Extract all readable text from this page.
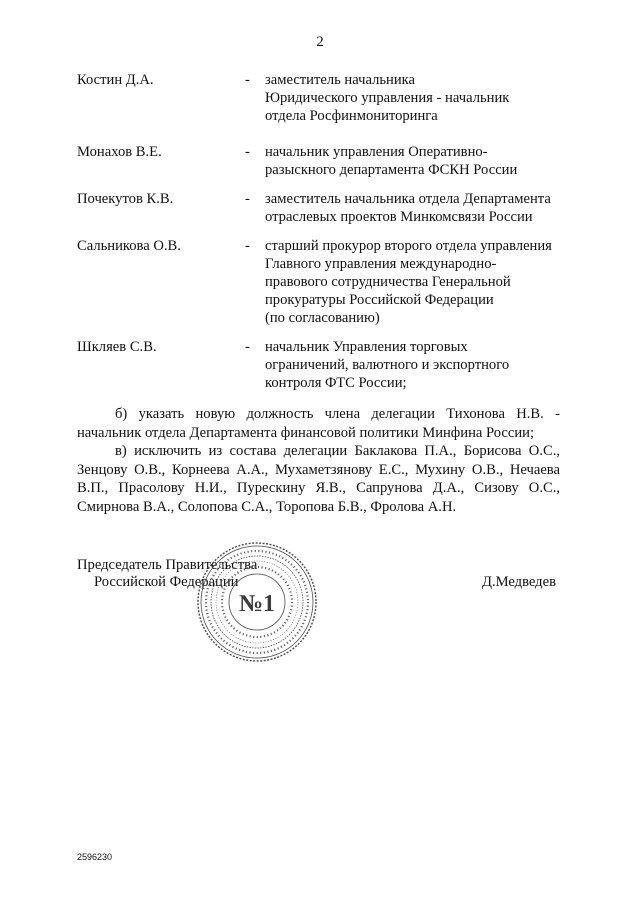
2
Костин Д.А.	-	заместитель начальника
Юридического управления - начальник
отдела Росфинмониторинга
Монахов В.Е.	-	начальник управления Оперативно-
разыскного департамента ФСКН России
Почекутов К.В.	-	заместитель начальника отдела Департамента
отраслевых проектов Минкомсвязи России
Сальникова О.В.	-	старший прокурор второго отдела управления
Главного управления международно-
правового сотрудничества Генеральной
прокуратуры Российской Федерации
(по согласованию)
Шкляев С.В.	-	начальник Управления торговых
ограничений, валютного и экспортного
контроля ФТС России;

б) указать новую должность члена делегации Тихонова Н.В. - начальник отдела Департамента финансовой политики Минфина России;

в) исключить из состава делегации Баклакова П.А., Борисова О.С., Зенцову О.В., Корнеева А.А., Мухаметзянову Е.С., Мухину О.В., Нечаева В.П., Прасолову Н.И., Пурескину Я.В., Сапрунова Д.А., Сизову О.С., Смирнова В.А., Солопова С.А., Торопова Б.В., Фролова А.Н.

Председатель Правительства
Российской Федерации
№1
Д.Медведев
2596230
